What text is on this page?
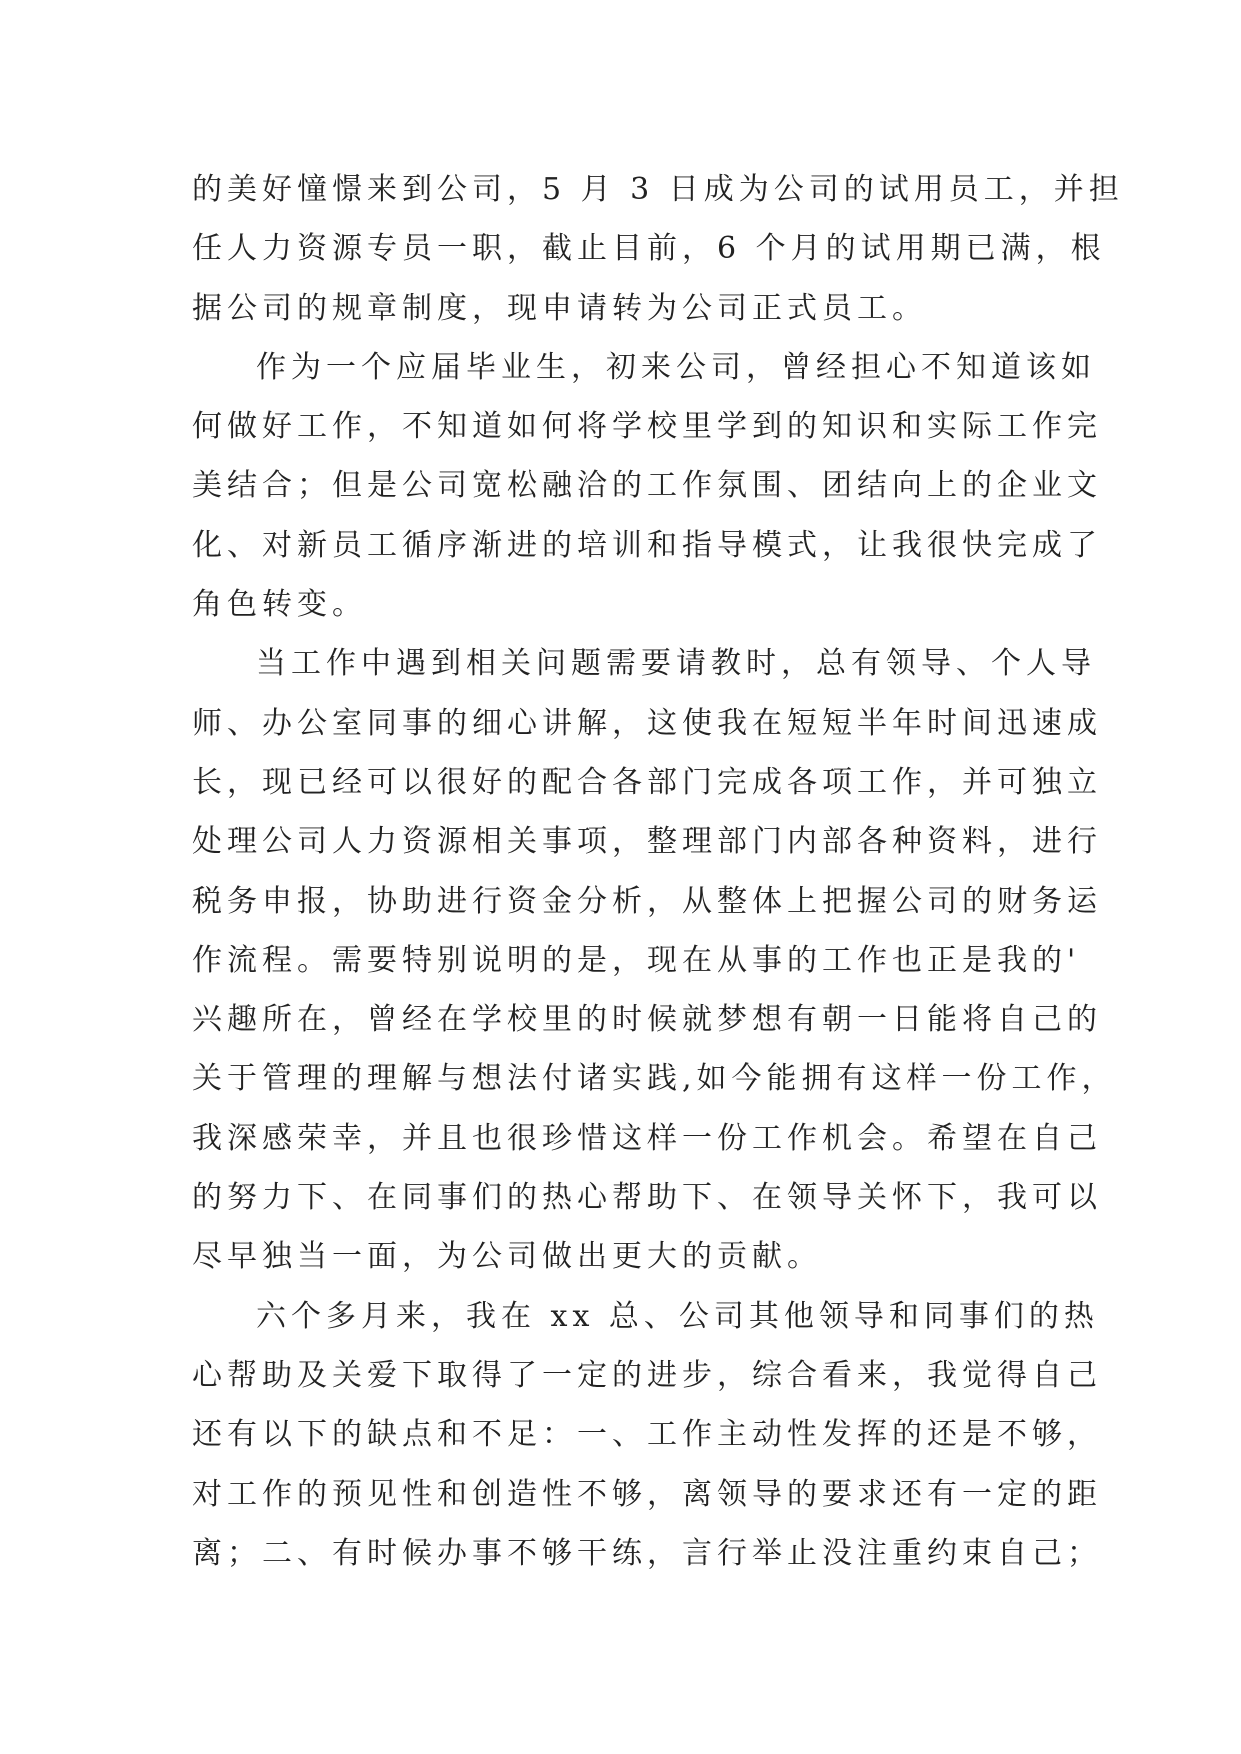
的美好憧憬来到公司，5 月 3 日成为公司的试用员工，并担
任人力资源专员一职，截止目前，6 个月的试用期已满，根
据公司的规章制度，现申请转为公司正式员工。
作为一个应届毕业生，初来公司，曾经担心不知道该如
何做好工作，不知道如何将学校里学到的知识和实际工作完
美结合；但是公司宽松融洽的工作氛围、团结向上的企业文
化、对新员工循序渐进的培训和指导模式，让我很快完成了
角色转变。
当工作中遇到相关问题需要请教时，总有领导、个人导
师、办公室同事的细心讲解，这使我在短短半年时间迅速成
长，现已经可以很好的配合各部门完成各项工作，并可独立
处理公司人力资源相关事项，整理部门内部各种资料，进行
税务申报，协助进行资金分析，从整体上把握公司的财务运
作流程。需要特别说明的是，现在从事的工作也正是我的'
兴趣所在，曾经在学校里的时候就梦想有朝一日能将自己的
关于管理的理解与想法付诸实践,如今能拥有这样一份工作，
我深感荣幸，并且也很珍惜这样一份工作机会。希望在自己
的努力下、在同事们的热心帮助下、在领导关怀下，我可以
尽早独当一面，为公司做出更大的贡献。
六个多月来，我在 xx 总、公司其他领导和同事们的热
心帮助及关爱下取得了一定的进步，综合看来，我觉得自己
还有以下的缺点和不足：一、工作主动性发挥的还是不够，
对工作的预见性和创造性不够，离领导的要求还有一定的距
离；二、有时候办事不够干练，言行举止没注重约束自己；
